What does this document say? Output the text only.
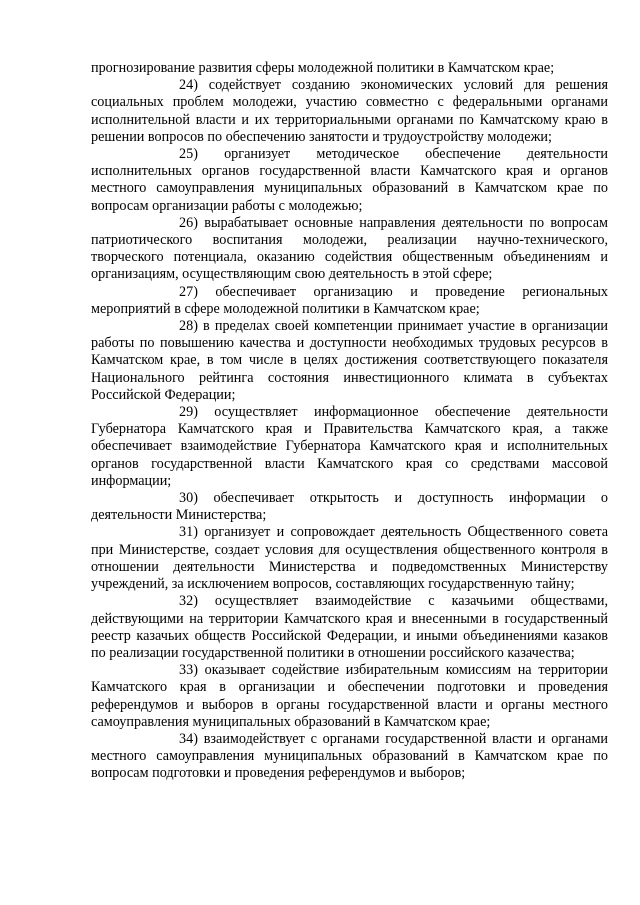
прогнозирование развития сферы молодежной политики в Камчатском крае;

24) содействует созданию экономических условий для решения социальных проблем молодежи, участию совместно с федеральными органами исполнительной власти и их территориальными органами по Камчатскому краю в решении вопросов по обеспечению занятости и трудоустройству молодежи;

25) организует методическое обеспечение деятельности исполнительных органов государственной власти Камчатского края и органов местного самоуправления муниципальных образований в Камчатском крае по вопросам организации работы с молодежью;

26) вырабатывает основные направления деятельности по вопросам патриотического воспитания молодежи, реализации научно-технического, творческого потенциала, оказанию содействия общественным объединениям и организациям, осуществляющим свою деятельность в этой сфере;

27) обеспечивает организацию и проведение региональных мероприятий в сфере молодежной политики в Камчатском крае;

28) в пределах своей компетенции принимает участие в организации работы по повышению качества и доступности необходимых трудовых ресурсов в Камчатском крае, в том числе в целях достижения соответствующего показателя Национального рейтинга состояния инвестиционного климата в субъектах Российской Федерации;

29) осуществляет информационное обеспечение деятельности Губернатора Камчатского края и Правительства Камчатского края, а также обеспечивает взаимодействие Губернатора Камчатского края и исполнительных органов государственной власти Камчатского края со средствами массовой информации;

30) обеспечивает открытость и доступность информации о деятельности Министерства;

31) организует и сопровождает деятельность Общественного совета при Министерстве, создает условия для осуществления общественного контроля в отношении деятельности Министерства и подведомственных Министерству учреждений, за исключением вопросов, составляющих государственную тайну;

32) осуществляет взаимодействие с казачьими обществами, действующими на территории Камчатского края и внесенными в государственный реестр казачьих обществ Российской Федерации, и иными объединениями казаков по реализации государственной политики в отношении российского казачества;

33) оказывает содействие избирательным комиссиям на территории Камчатского края в организации и обеспечении подготовки и проведения референдумов и выборов в органы государственной власти и органы местного самоуправления муниципальных образований в Камчатском крае;

34) взаимодействует с органами государственной власти и органами местного самоуправления муниципальных образований в Камчатском крае по вопросам подготовки и проведения референдумов и выборов;
